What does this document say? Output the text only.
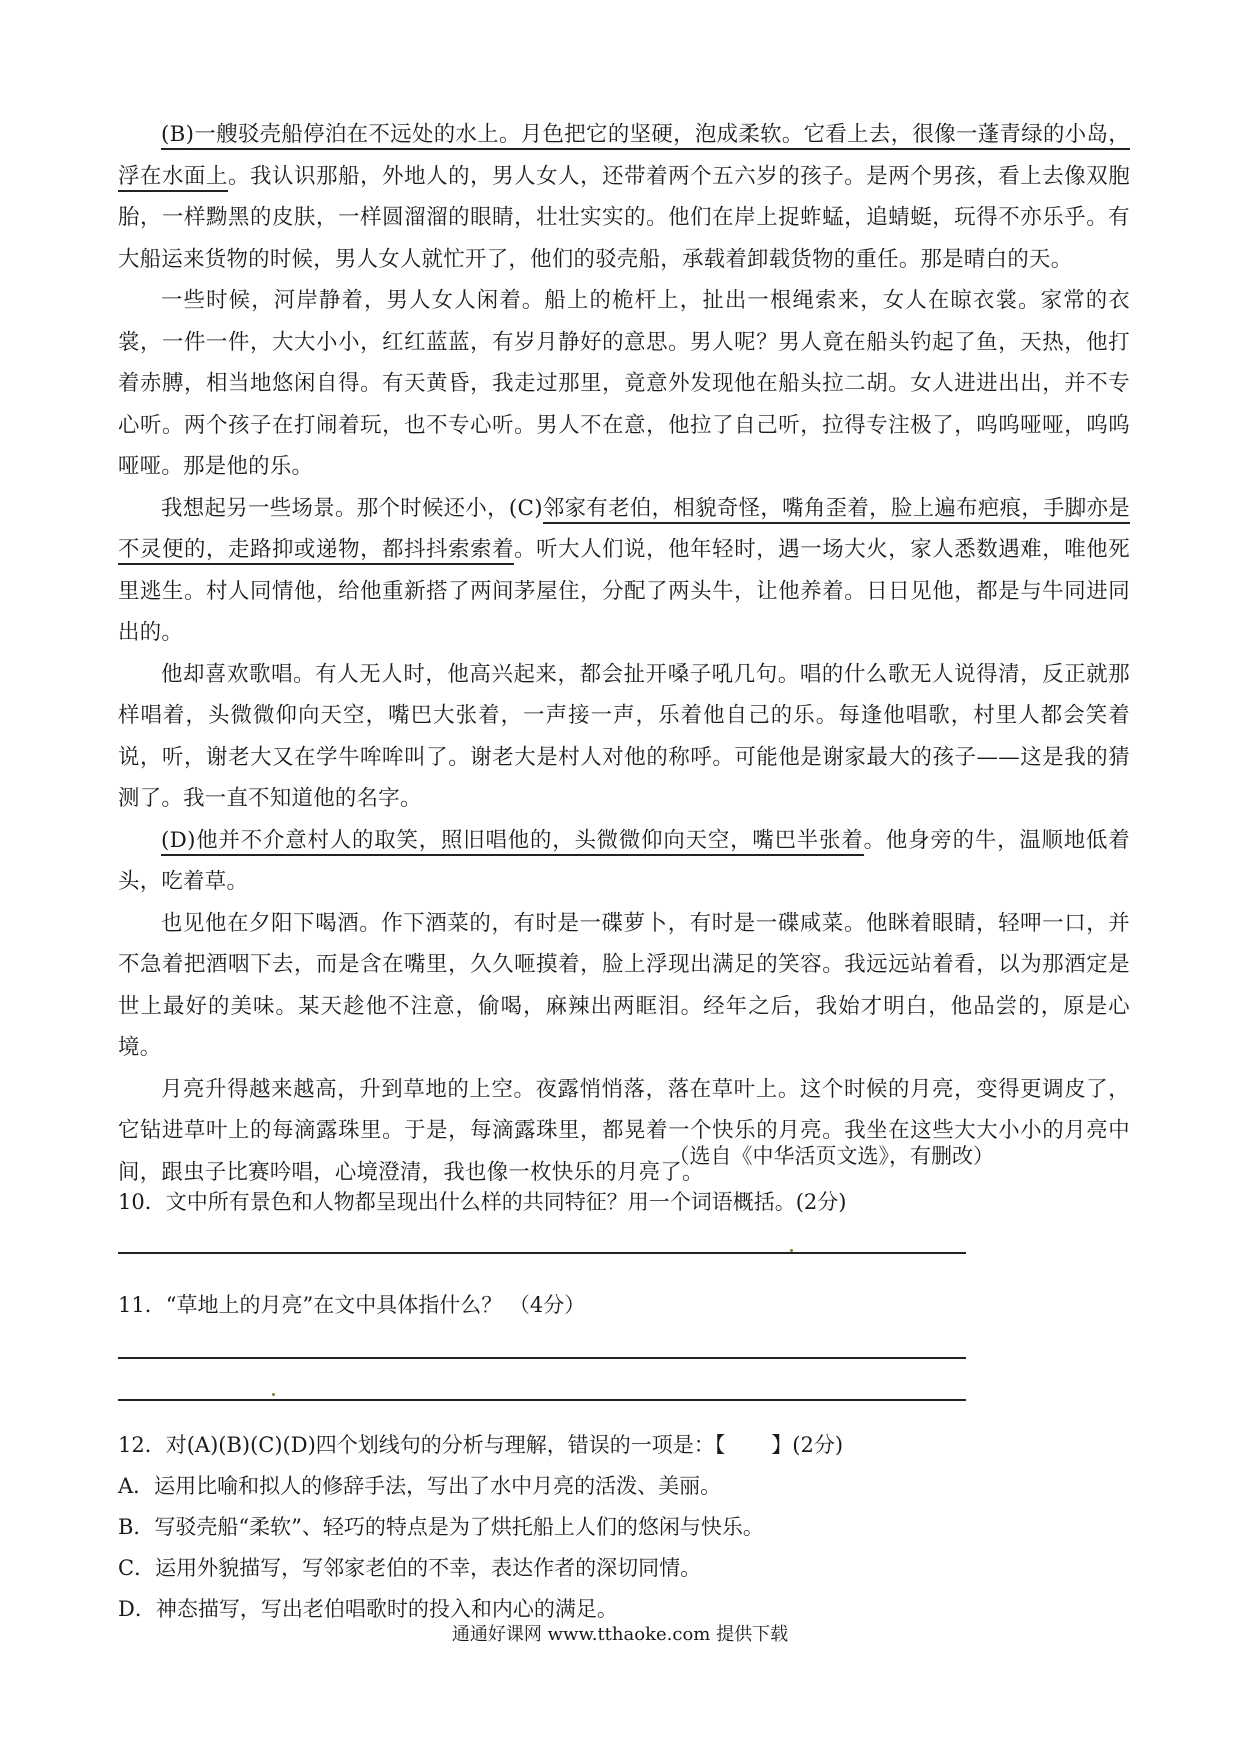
(B)一艘驳壳船停泊在不远处的水上。月色把它的坚硬，泡成柔软。它看上去，很像一蓬青绿的小岛，浮在水面上。我认识那船，外地人的，男人女人，还带着两个五六岁的孩子。是两个男孩，看上去像双胞胎，一样黝黑的皮肤，一样圆溜溜的眼睛，壮壮实实的。他们在岸上捉蚱蜢，追蜻蜓，玩得不亦乐乎。有大船运来货物的时候，男人女人就忙开了，他们的驳壳船，承载着卸载货物的重任。那是晴白的天。

一些时候，河岸静着，男人女人闲着。船上的桅杆上，扯出一根绳索来，女人在晾衣裳。家常的衣裳，一件一件，大大小小，红红蓝蓝，有岁月静好的意思。男人呢？男人竟在船头钓起了鱼，天热，他打着赤膊，相当地悠闲自得。有天黄昏，我走过那里，竟意外发现他在船头拉二胡。女人进进出出，并不专心听。两个孩子在打闹着玩，也不专心听。男人不在意，他拉了自己听，拉得专注极了，呜呜哑哑，呜呜哑哑。那是他的乐。

我想起另一些场景。那个时候还小，(C)邻家有老伯，相貌奇怪，嘴角歪着，脸上遍布疤痕，手脚亦是不灵便的，走路抑或递物，都抖抖索索着。听大人们说，他年轻时，遇一场大火，家人悉数遇难，唯他死里逃生。村人同情他，给他重新搭了两间茅屋住，分配了两头牛，让他养着。日日见他，都是与牛同进同出的。

他却喜欢歌唱。有人无人时，他高兴起来，都会扯开嗓子吼几句。唱的什么歌无人说得清，反正就那样唱着，头微微仰向天空，嘴巴大张着，一声接一声，乐着他自己的乐。每逢他唱歌，村里人都会笑着说，听，谢老大又在学牛哞哞叫了。谢老大是村人对他的称呼。可能他是谢家最大的孩子——这是我的猜测了。我一直不知道他的名字。

(D)他并不介意村人的取笑，照旧唱他的，头微微仰向天空，嘴巴半张着。他身旁的牛，温顺地低着头，吃着草。

也见他在夕阳下喝酒。作下酒菜的，有时是一碟萝卜，有时是一碟咸菜。他眯着眼睛，轻呷一口，并不急着把酒咽下去，而是含在嘴里，久久咂摸着，脸上浮现出满足的笑容。我远远站着看，以为那酒定是世上最好的美味。某天趁他不注意，偷喝，麻辣出两眶泪。经年之后，我始才明白，他品尝的，原是心境。

月亮升得越来越高，升到草地的上空。夜露悄悄落，落在草叶上。这个时候的月亮，变得更调皮了，它钻进草叶上的每滴露珠里。于是，每滴露珠里，都晃着一个快乐的月亮。我坐在这些大大小小的月亮中间，跟虫子比赛吟唱，心境澄清，我也像一枚快乐的月亮了。

（选自《中华活页文选》，有删改）
10．文中所有景色和人物都呈现出什么样的共同特征？用一个词语概括。(2分)
11．“草地上的月亮”在文中具体指什么？ （4分）
12．对(A)(B)(C)(D)四个划线句的分析与理解，错误的一项是：【 】(2分)
A．运用比喻和拟人的修辞手法，写出了水中月亮的活泼、美丽。
B．写驳壳船“柔软”、轻巧的特点是为了烘托船上人们的悠闲与快乐。
C．运用外貌描写，写邻家老伯的不幸，表达作者的深切同情。
D．神态描写，写出老伯唱歌时的投入和内心的满足。
通通好课网 www.tthaoke.com 提供下载
